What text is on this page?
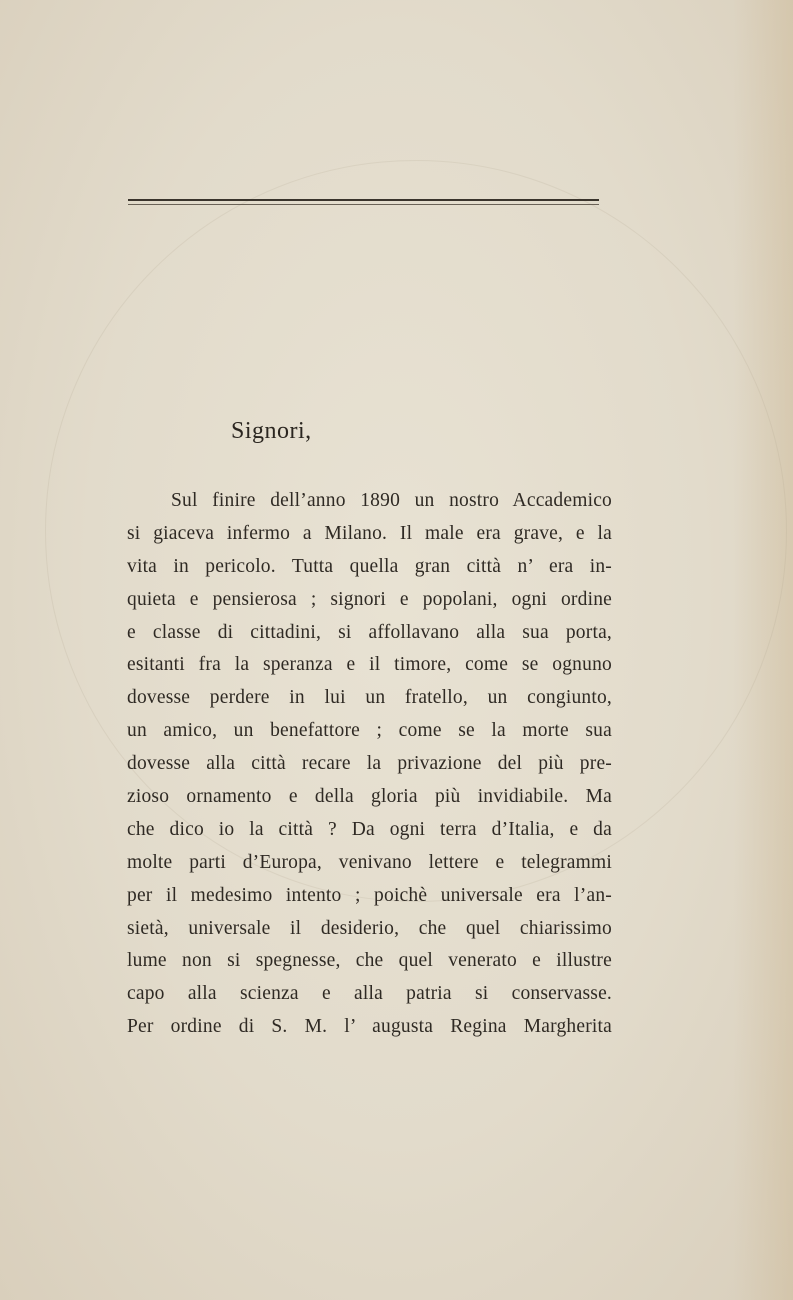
Signori,
Sul finire dell’anno 1890 un nostro Accademico
si giaceva infermo a Milano. Il male era grave, e la
vita in pericolo. Tutta quella gran città n’ era in-
quieta e pensierosa ; signori e popolani, ogni ordine
e classe di cittadini, si affollavano alla sua porta,
esitanti fra la speranza e il timore, come se ognuno
dovesse perdere in lui un fratello, un congiunto,
un amico, un benefattore ; come se la morte sua
dovesse alla città recare la privazione del più pre-
zioso ornamento e della gloria più invidiabile. Ma
che dico io la città ? Da ogni terra d’Italia, e da
molte parti d’Europa, venivano lettere e telegrammi
per il medesimo intento ; poichè universale era l’an-
sietà, universale il desiderio, che quel chiarissimo
lume non si spegnesse, che quel venerato e illustre
capo alla scienza e alla patria si conservasse.
Per ordine di S. M. l’ augusta Regina Margherita
